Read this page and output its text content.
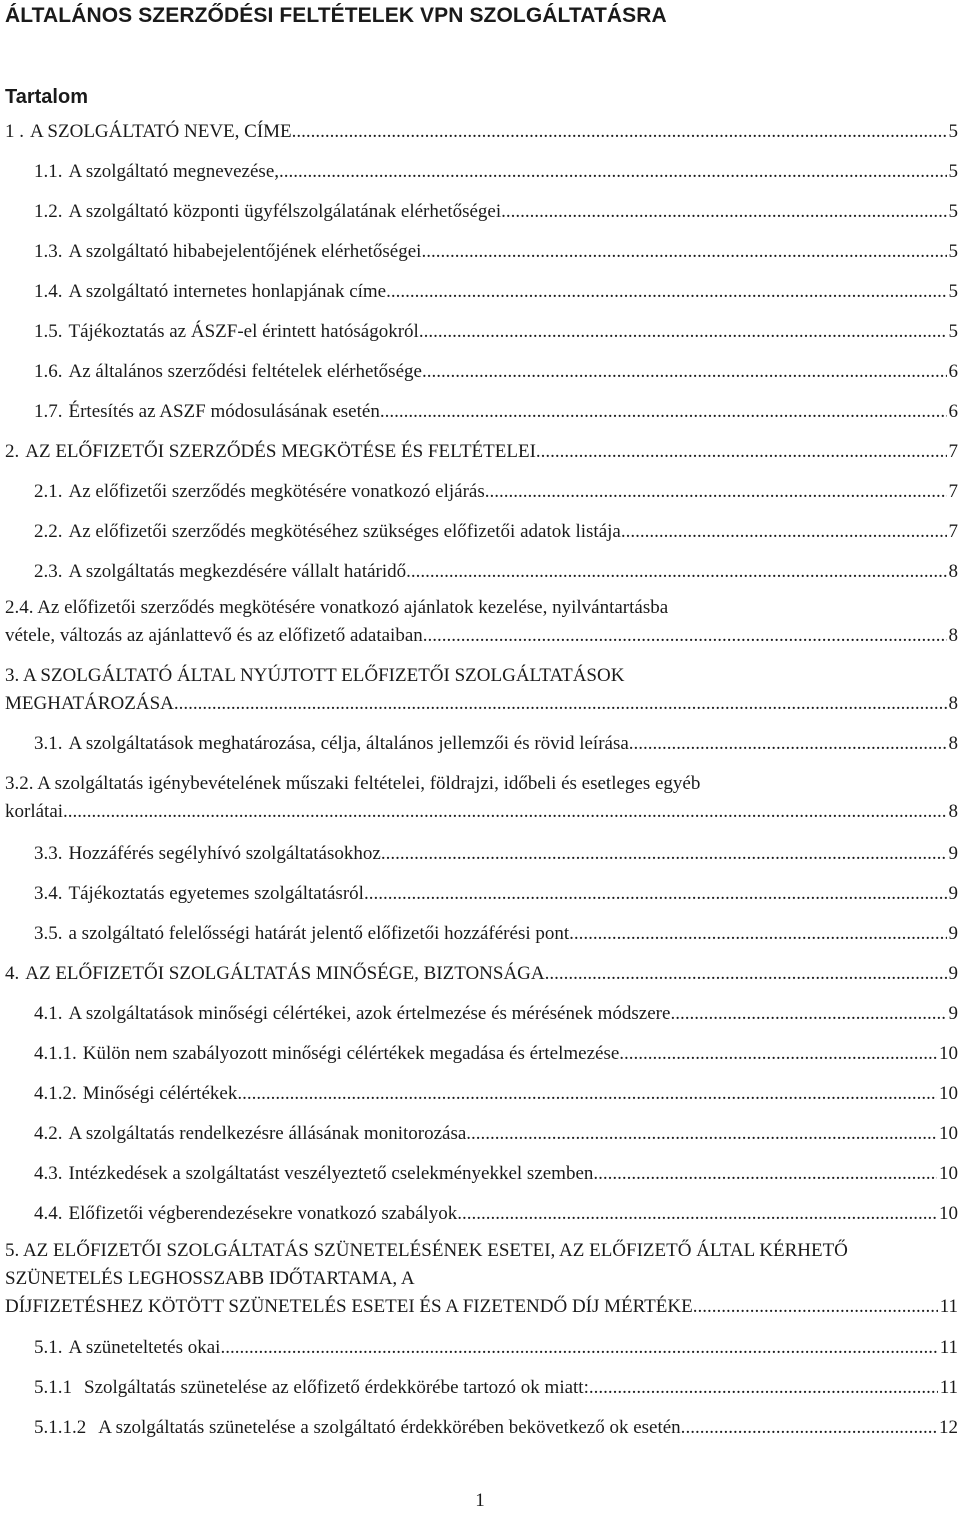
ÁLTALÁNOS SZERZŐDÉSI FELTÉTELEK VPN SZOLGÁLTATÁSRA
Tartalom
1 . A SZOLGÁLTATÓ NEVE, CÍME .....	5
1.1. A szolgáltató megnevezése, .....	5
1.2. A szolgáltató központi ügyfélszolgálatának elérhetőségei .....	5
1.3. A szolgáltató hibabejelentőjének elérhetőségei .....	5
1.4. A szolgáltató internetes honlapjának címe .....	5
1.5. Tájékoztatás az ÁSZF-el érintett hatóságokról .....	5
1.6. Az általános szerződési feltételek elérhetősége .....	6
1.7. Értesítés az ASZF módosulásának esetén .....	6
2. AZ ELŐFIZETŐI SZERZŐDÉS MEGKÖTÉSE ÉS FELTÉTELEI .....	7
2.1. Az előfizetői szerződés megkötésére vonatkozó eljárás .....	7
2.2. Az előfizetői szerződés megkötéséhez szükséges előfizetői adatok listája .....	7
2.3. A szolgáltatás megkezdésére vállalt határidő .....	8
2.4. Az előfizetői szerződés megkötésére vonatkozó ajánlatok kezelése, nyilvántartásba
vétele, változás az ajánlattevő és az előfizető adataiban .....	8
3. A SZOLGÁLTATÓ ÁLTAL NYÚJTOTT ELŐFIZETŐI SZOLGÁLTATÁSOK
MEGHATÁROZÁSA .....	8
3.1. A szolgáltatások meghatározása, célja, általános jellemzői és rövid leírása .....	8
3.2. A szolgáltatás igénybevételének műszaki feltételei, földrajzi, időbeli és esetleges egyéb
korlátai .....	8
3.3. Hozzáférés segélyhívó szolgáltatásokhoz .....	9
3.4. Tájékoztatás egyetemes szolgáltatásról .....	9
3.5. a szolgáltató felelősségi határát jelentő előfizetői hozzáférési pont .....	9
4. AZ ELŐFIZETŐI SZOLGÁLTATÁS MINŐSÉGE, BIZTONSÁGA .....	9
4.1. A szolgáltatások minőségi célértékei, azok értelmezése és mérésének módszere .....	9
4.1.1. Külön nem szabályozott minőségi célértékek megadása és értelmezése .....	10
4.1.2. Minőségi célértékek .....	10
4.2. A szolgáltatás rendelkezésre állásának monitorozása .....	10
4.3. Intézkedések a szolgáltatást veszélyeztető cselekményekkel szemben .....	10
4.4. Előfizetői végberendezésekre vonatkozó szabályok .....	10
5. AZ ELŐFIZETŐI SZOLGÁLTATÁS SZÜNETELÉSÉNEK ESETEI, AZ ELŐFIZETŐ ÁLTAL KÉRHETŐ SZÜNETELÉS LEGHOSSZABB IDŐTARTAMA, A
DÍJFIZETÉSHEZ KÖTÖTT SZÜNETELÉS ESETEI ÉS A FIZETENDŐ DÍJ MÉRTÉKE .....	11
5.1. A szüneteltetés okai .....	11
5.1.1 Szolgáltatás szünetelése az előfizető érdekkörébe tartozó ok miatt: .....	11
5.1.1.2 A szolgáltatás szünetelése a szolgáltató érdekkörében bekövetkező ok esetén. .....	12
1
